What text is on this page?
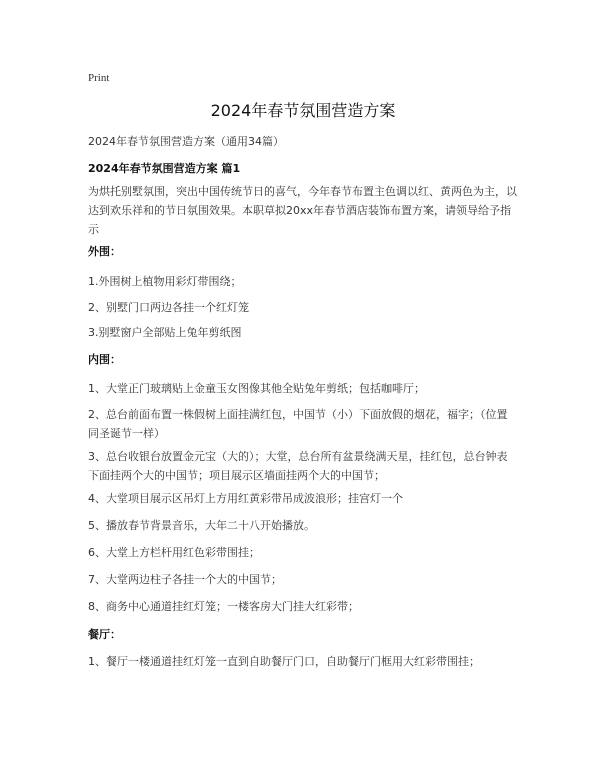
Print
2024年春节氛围营造方案
2024年春节氛围营造方案（通用34篇）
2024年春节氛围营造方案 篇1
为烘托别墅氛围，突出中国传统节日的喜气，今年春节布置主色调以红、黄两色为主，以达到欢乐祥和的节日氛围效果。本职草拟20xx年春节酒店装饰布置方案，请领导给予指示
外围：
1.外围树上植物用彩灯带围绕；
2、别墅门口两边各挂一个红灯笼
3.别墅窗户全部贴上兔年剪纸图
内围：
1、大堂正门玻璃贴上金童玉女图像其他全贴兔年剪纸；包括咖啡厅；
2、总台前面布置一株假树上面挂满红包，中国节（小）下面放假的烟花，福字；（位置同圣诞节一样）
3、总台收银台放置金元宝（大的）；大堂，总台所有盆景绕满天星，挂红包，总台钟表下面挂两个大的中国节；项目展示区墙面挂两个大的中国节；
4、大堂项目展示区吊灯上方用红黄彩带吊成波浪形；挂宫灯一个
5、播放春节背景音乐，大年二十八开始播放。
6、大堂上方栏杆用红色彩带围挂；
7、大堂两边柱子各挂一个大的中国节；
8、商务中心通道挂红灯笼；一楼客房大门挂大红彩带；
餐厅：
1、餐厅一楼通道挂红灯笼一直到自助餐厅门口，自助餐厅门框用大红彩带围挂；
